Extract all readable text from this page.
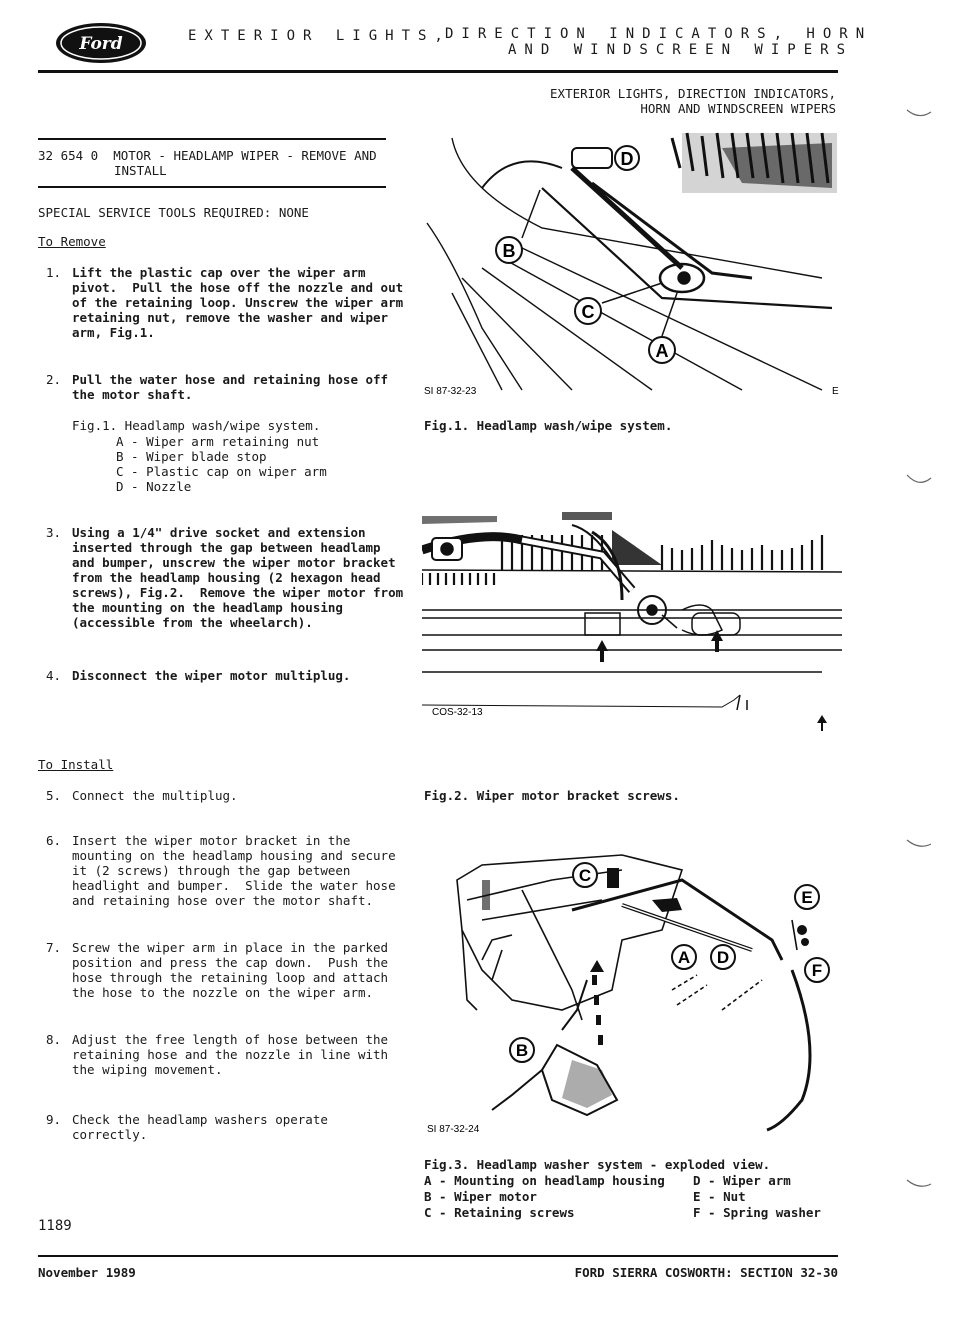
Ford	EXTERIOR LIGHTS,
DIRECTION INDICATORS, HORN
AND WINDSCREEN WIPERS
EXTERIOR LIGHTS, DIRECTION INDICATORS,
HORN AND WINDSCREEN WIPERS
32 654 0  MOTOR - HEADLAMP WIPER - REMOVE AND
INSTALL
SPECIAL SERVICE TOOLS REQUIRED: NONE
To Remove
1. Lift the plastic cap over the wiper arm
pivot.  Pull the hose off the nozzle and out
of the retaining loop. Unscrew the wiper arm
retaining nut, remove the washer and wiper
arm, Fig.1.
2. Pull the water hose and retaining hose off
the motor shaft.
Fig.1. Headlamp wash/wipe system.
A - Wiper arm retaining nut
B - Wiper blade stop
C - Plastic cap on wiper arm
D - Nozzle
3. Using a 1/4" drive socket and extension
inserted through the gap between headlamp
and bumper, unscrew the wiper motor bracket
from the headlamp housing (2 hexagon head
screws), Fig.2.  Remove the wiper motor from
the mounting on the headlamp housing
(accessible from the wheelarch).
4. Disconnect the wiper motor multiplug.
To Install
5. Connect the multiplug.
6. Insert the wiper motor bracket in the
mounting on the headlamp housing and secure
it (2 screws) through the gap between
headlight and bumper.  Slide the water hose
and retaining hose over the motor shaft.
7. Screw the wiper arm in place in the parked
position and press the cap down.  Push the
hose through the retaining loop and attach
the hose to the nozzle on the wiper arm.
8. Adjust the free length of hose between the
retaining hose and the nozzle in line with
the wiping movement.
9. Check the headlamp washers operate
correctly.
1189
D
B
C
A
SI 87-32-23	E
Fig.1. Headlamp wash/wipe system.
COS-32-13
Fig.2. Wiper motor bracket screws.
C
E
A D
F
B
SI 87-32-24
Fig.3. Headlamp washer system - exploded view.
A - Mounting on headlamp housing
B - Wiper motor
C - Retaining screws
D - Wiper arm
E - Nut
F - Spring washer
November 1989	FORD SIERRA COSWORTH: SECTION 32-30
